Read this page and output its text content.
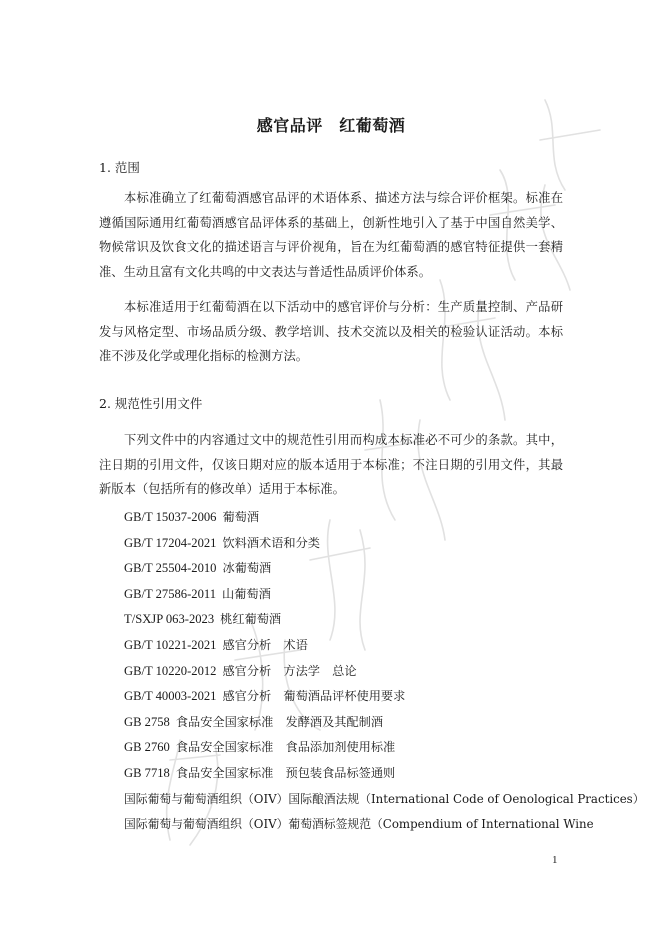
感官品评　红葡萄酒

1. 范围

本标准确立了红葡萄酒感官品评的术语体系、描述方法与综合评价框架。标准在遵循国际通用红葡萄酒感官品评体系的基础上，创新性地引入了基于中国自然美学、物候常识及饮食文化的描述语言与评价视角，旨在为红葡萄酒的感官特征提供一套精准、生动且富有文化共鸣的中文表达与普适性品质评价体系。

本标准适用于红葡萄酒在以下活动中的感官评价与分析：生产质量控制、产品研发与风格定型、市场品质分级、教学培训、技术交流以及相关的检验认证活动。本标准不涉及化学或理化指标的检测方法。

2. 规范性引用文件

下列文件中的内容通过文中的规范性引用而构成本标准必不可少的条款。其中，注日期的引用文件，仅该日期对应的版本适用于本标准；不注日期的引用文件，其最新版本（包括所有的修改单）适用于本标准。

GB/T 15037-2006 葡萄酒
GB/T 17204-2021 饮料酒术语和分类
GB/T 25504-2010 冰葡萄酒
GB/T 27586-2011 山葡萄酒
T/SXJP 063-2023 桃红葡萄酒
GB/T 10221-2021 感官分析　术语
GB/T 10220-2012 感官分析　方法学　总论
GB/T 40003-2021 感官分析　葡萄酒品评杯使用要求
GB 2758 食品安全国家标准　发酵酒及其配制酒
GB 2760 食品安全国家标准　食品添加剂使用标准
GB 7718 食品安全国家标准　预包装食品标签通则
国际葡萄与葡萄酒组织（OIV）国际酿酒法规（International Code of Oenological Practices）
国际葡萄与葡萄酒组织（OIV）葡萄酒标签规范（Compendium of International Wine
1
